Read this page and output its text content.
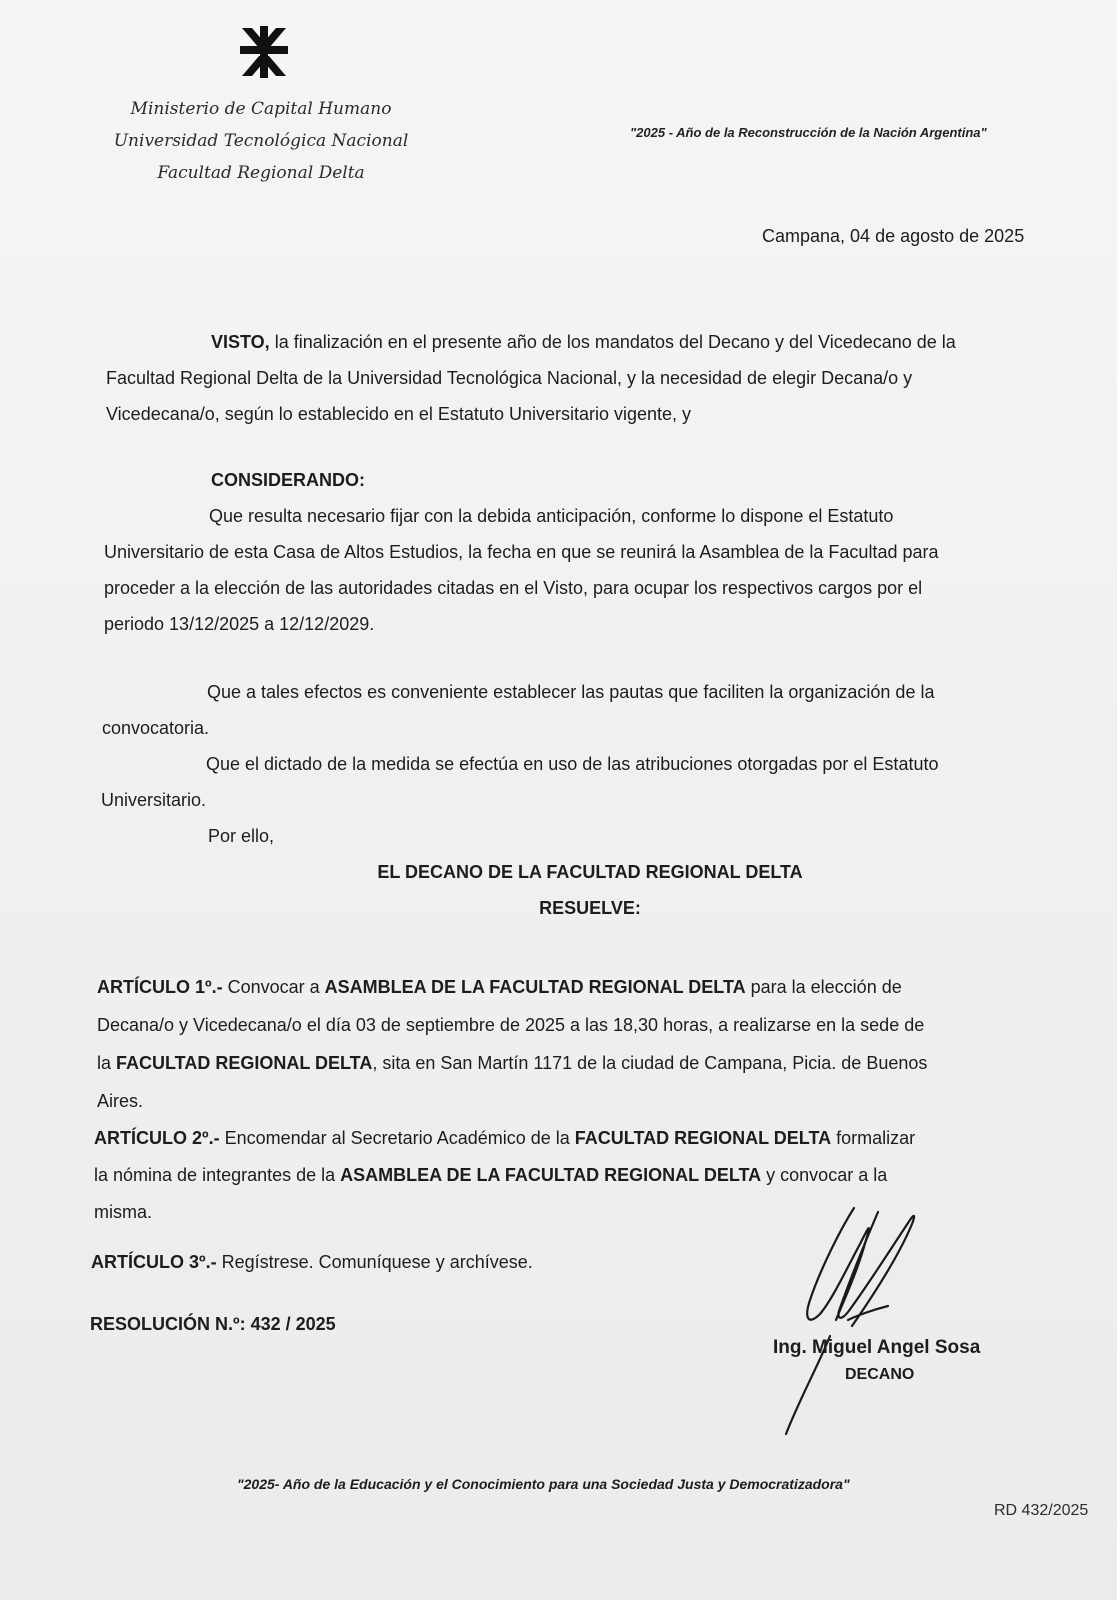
Ministerio de Capital Humano
Universidad Tecnológica Nacional
Facultad Regional Delta
"2025 - Año de la Reconstrucción de la Nación Argentina"
Campana, 04 de agosto de 2025
VISTO, la finalización en el presente año de los mandatos del Decano y del Vicedecano de la
Facultad Regional Delta de la Universidad Tecnológica Nacional, y la necesidad de elegir Decana/o y
Vicedecana/o, según lo establecido en el Estatuto Universitario vigente, y
CONSIDERANDO:
Que resulta necesario fijar con la debida anticipación, conforme lo dispone el Estatuto
Universitario de esta Casa de Altos Estudios, la fecha en que se reunirá la Asamblea de la Facultad para
proceder a la elección de las autoridades citadas en el Visto, para ocupar los respectivos cargos por el
periodo 13/12/2025 a 12/12/2029.
Que a tales efectos es conveniente establecer las pautas que faciliten la organización de la
convocatoria.
Que el dictado de la medida se efectúa en uso de las atribuciones otorgadas por el Estatuto
Universitario.
Por ello,
EL DECANO DE LA FACULTAD REGIONAL DELTA
RESUELVE:
ARTÍCULO 1º.- Convocar a ASAMBLEA DE LA FACULTAD REGIONAL DELTA para la elección de
Decana/o y Vicedecana/o el día 03 de septiembre de 2025 a las 18,30 horas, a realizarse en la sede de
la FACULTAD REGIONAL DELTA, sita en San Martín 1171 de la ciudad de Campana, Picia. de Buenos
Aires.
ARTÍCULO 2º.- Encomendar al Secretario Académico de la FACULTAD REGIONAL DELTA formalizar
la nómina de integrantes de la ASAMBLEA DE LA FACULTAD REGIONAL DELTA y convocar a la
misma.
ARTÍCULO 3º.- Regístrese. Comuníquese y archívese.
RESOLUCIÓN N.º: 432 / 2025
Ing. Miguel Angel Sosa
DECANO
"2025- Año de la Educación y el Conocimiento para una Sociedad Justa y Democratizadora"
RD 432/2025
